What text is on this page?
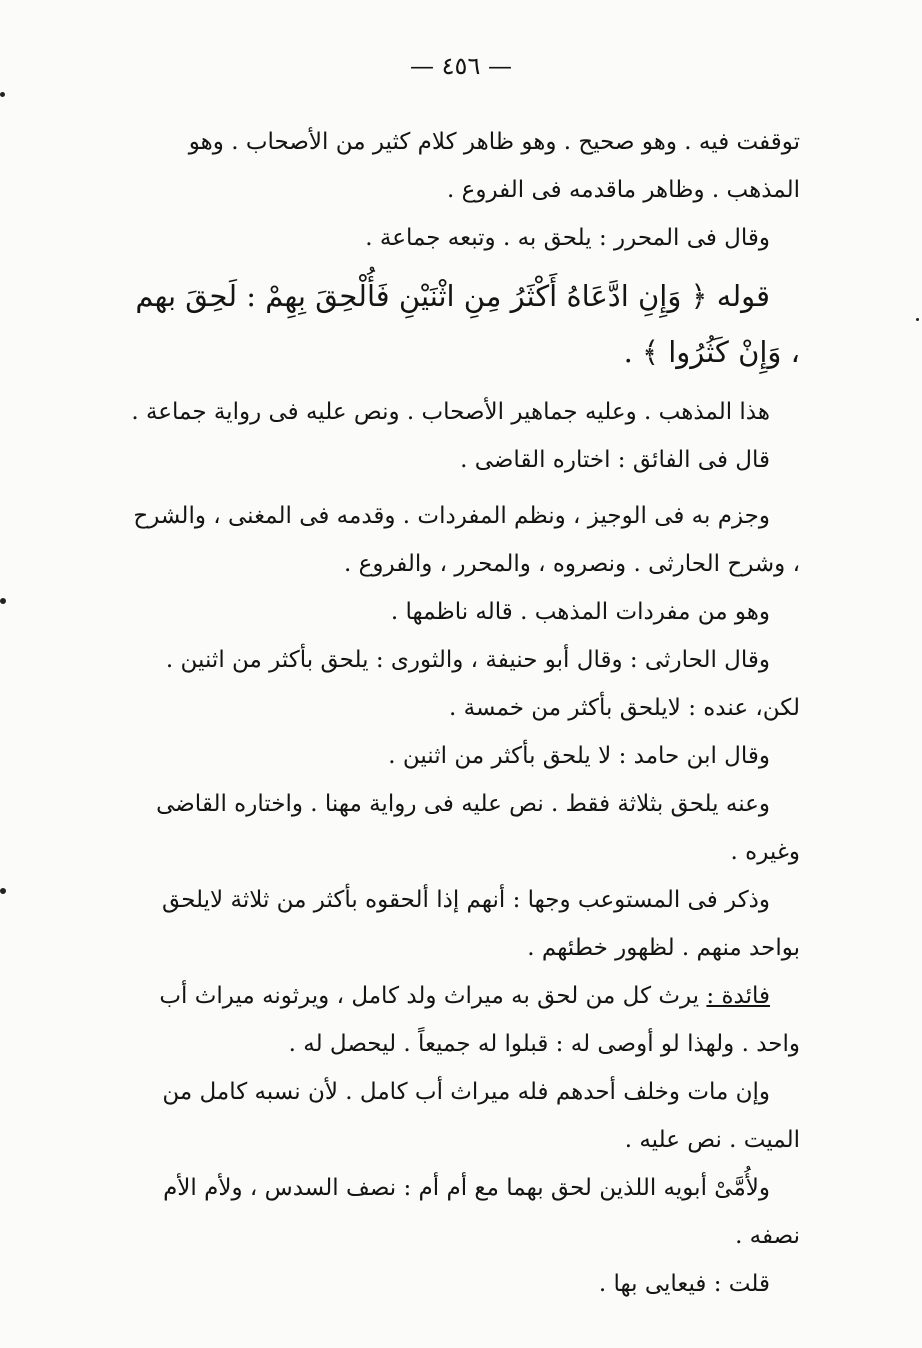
— ٤٥٦ —

توقفت فيه . وهو صحيح . وهو ظاهر كلام كثير من الأصحاب . وهو المذهب . وظاهر ماقدمه فى الفروع .

وقال فى المحرر : يلحق به . وتبعه جماعة .

قوله ﴿ وَإِنِ ادَّعَاهُ أَكْثَرُ مِنِ اثْنَيْنِ فَأُلْحِقَ بِهِمْ : لَحِقَ بهم ، وَإِنْ كَثُرُوا ﴾ .

هذا المذهب . وعليه جماهير الأصحاب . ونص عليه فى رواية جماعة .

قال فى الفائق : اختاره القاضى .

وجزم به فى الوجيز ، ونظم المفردات . وقدمه فى المغنى ، والشرح ، وشرح الحارثى . ونصروه ، والمحرر ، والفروع .

وهو من مفردات المذهب . قاله ناظمها .

وقال الحارثى : وقال أبو حنيفة ، والثورى : يلحق بأكثر من اثنين . لكن، عنده : لايلحق بأكثر من خمسة .

وقال ابن حامد : لا يلحق بأكثر من اثنين .

وعنه يلحق بثلاثة فقط . نص عليه فى رواية مهنا . واختاره القاضى وغيره .

وذكر فى المستوعب وجها : أنهم إذا ألحقوه بأكثر من ثلاثة لايلحق بواحد منهم . لظهور خطئهم .

فائدة : يرث كل من لحق به ميراث ولد كامل ، ويرثونه ميراث أب واحد . ولهذا لو أوصى له : قبلوا له جميعاً . ليحصل له .

وإن مات وخلف أحدهم فله ميراث أب كامل . لأن نسبه كامل من الميت . نص عليه .

ولأُمَّىْ أبويه اللذين لحق بهما مع أم أم : نصف السدس ، ولأم الأم نصفه .

قلت : فيعايى بها .
